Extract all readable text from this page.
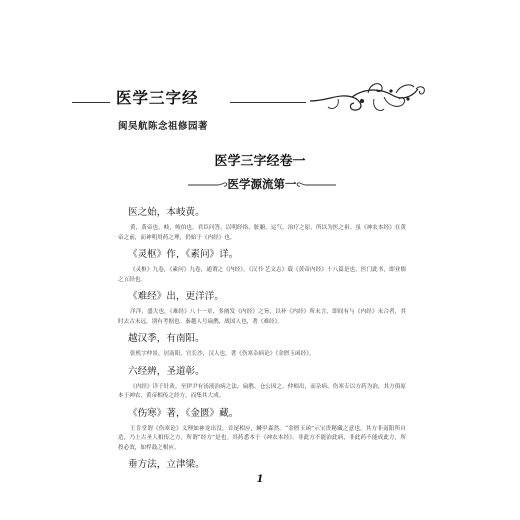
医学三字经
闽吴航陈念祖修园著
医学三字经卷一
医学源流第一
医之始，本岐黄。
黄，黄帝也。岐，岐伯也。君臣问答，以明经络、脏腑、运气、治疗之原，所以为医之祖。虽《神农本经》在黄帝之前，而神明用药之理，仍始于《内经》也。
《灵枢》作，《素问》详。
《灵枢》九卷，《素问》九卷，通谓之《内经》。《汉书·艺文志》载《黄帝内经》十八篇是也。医门此书，即业儒之五经也。
《难经》出，更洋洋。
洋洋，盛大也。《难经》八十一章，多阐发《内经》之旨，以补《内经》所未言，即间有与《内经》未合者，其时去古未远，别有考据也。秦越人号扁鹊，战国人也，著《难经》。
越汉季，有南阳。
张机字仲景，居南阳，官长沙，汉人也。著《伤寒杂病论》《金匮玉函经》。
六经辨，圣道彰。
《内经》详于针灸，至伊尹有汤液治病之法，扁鹊、仓公因之，仲师出，而杂病、伤寒专以方药为治，其方俱原本于神农、黄帝相传之经方，而集其大成。
《伤寒》著，《金匮》藏。
王肯堂谓《伤寒论》义理如神龙出没，首尾相应，鳞甲森然。“金匮玉函”示宝贵秘藏之意也。其方非南阳所自造，乃上古圣人相传之方，所谓“经方”是也。其药悉本于《神农本经》。非此方不能治此病，非此药不能成此方，所投必效，如桴鼓之相应。
垂方法，立津梁。
1
